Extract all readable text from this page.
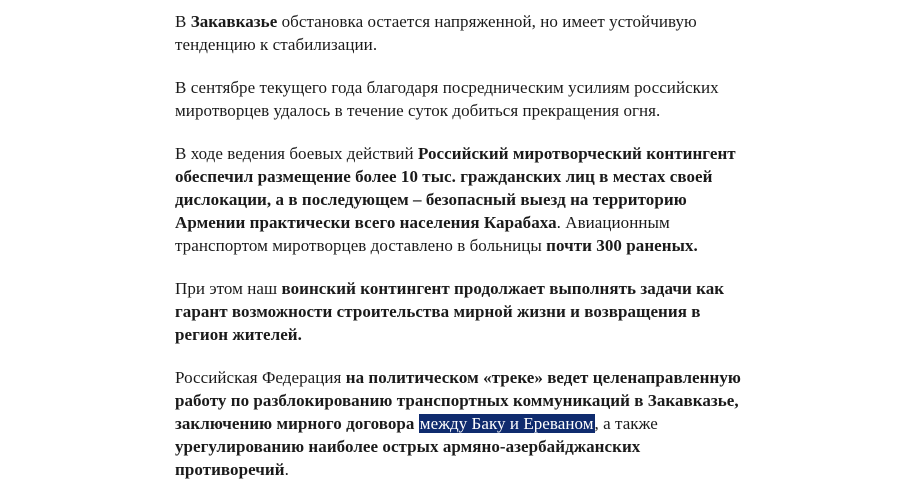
В Закавказье обстановка остается напряженной, но имеет устойчивую
тенденцию к стабилизации.

В сентябре текущего года благодаря посредническим усилиям российских
миротворцев удалось в течение суток добиться прекращения огня.

В ходе ведения боевых действий Российский миротворческий контингент
обеспечил размещение более 10 тыс. гражданских лиц в местах своей
дислокации, а в последующем – безопасный выезд на территорию
Армении практически всего населения Карабаха. Авиационным
транспортом миротворцев доставлено в больницы почти 300 раненых.

При этом наш воинский контингент продолжает выполнять задачи как
гарант возможности строительства мирной жизни и возвращения в
регион жителей.

Российская Федерация на политическом «треке» ведет целенаправленную
работу по разблокированию транспортных коммуникаций в Закавказье,
заключению мирного договора между Баку и Ереваном, а также
урегулированию наиболее острых армяно-азербайджанских
противоречий.
